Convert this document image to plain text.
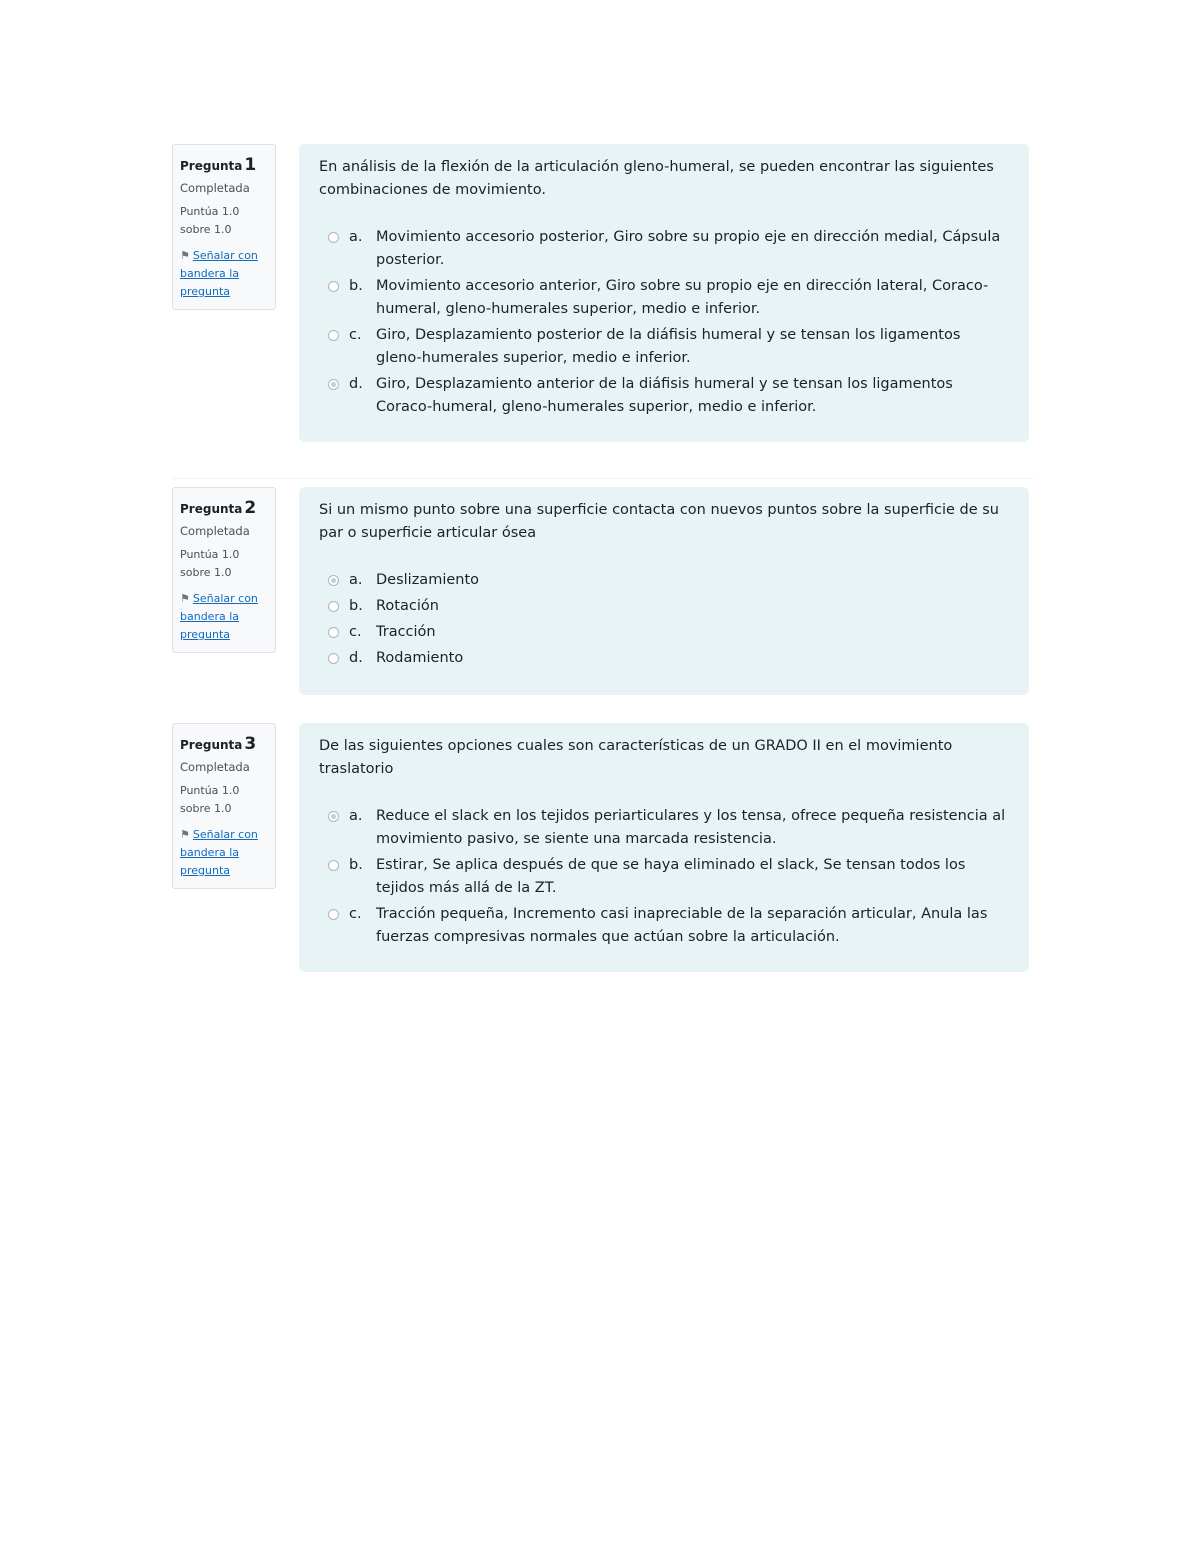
Pregunta 1
Completada
Puntúa 1.0 sobre 1.0
⚑ Señalar con bandera la pregunta
En análisis de la flexión de la articulación gleno-humeral, se pueden encontrar las siguientes combinaciones de movimiento.
a. Movimiento accesorio posterior, Giro sobre su propio eje en dirección medial, Cápsula posterior.
b. Movimiento accesorio anterior, Giro sobre su propio eje en dirección lateral, Coraco-humeral, gleno-humerales superior, medio e inferior.
c. Giro, Desplazamiento posterior de la diáfisis humeral y se tensan los ligamentos gleno-humerales superior, medio e inferior.
d. Giro, Desplazamiento anterior de la diáfisis humeral y se tensan los ligamentos Coraco-humeral, gleno-humerales superior, medio e inferior.
Pregunta 2
Completada
Puntúa 1.0 sobre 1.0
⚑ Señalar con bandera la pregunta
Si un mismo punto sobre una superficie contacta con nuevos puntos sobre la superficie de su par o superficie articular ósea
a. Deslizamiento
b. Rotación
c. Tracción
d. Rodamiento
Pregunta 3
Completada
Puntúa 1.0 sobre 1.0
⚑ Señalar con bandera la pregunta
De las siguientes opciones cuales son características de un GRADO II en el movimiento traslatorio
a. Reduce el slack en los tejidos periarticulares y los tensa, ofrece pequeña resistencia al movimiento pasivo, se siente una marcada resistencia.
b. Estirar, Se aplica después de que se haya eliminado el slack, Se tensan todos los tejidos más allá de la ZT.
c. Tracción pequeña, Incremento casi inapreciable de la separación articular, Anula las fuerzas compresivas normales que actúan sobre la articulación.
